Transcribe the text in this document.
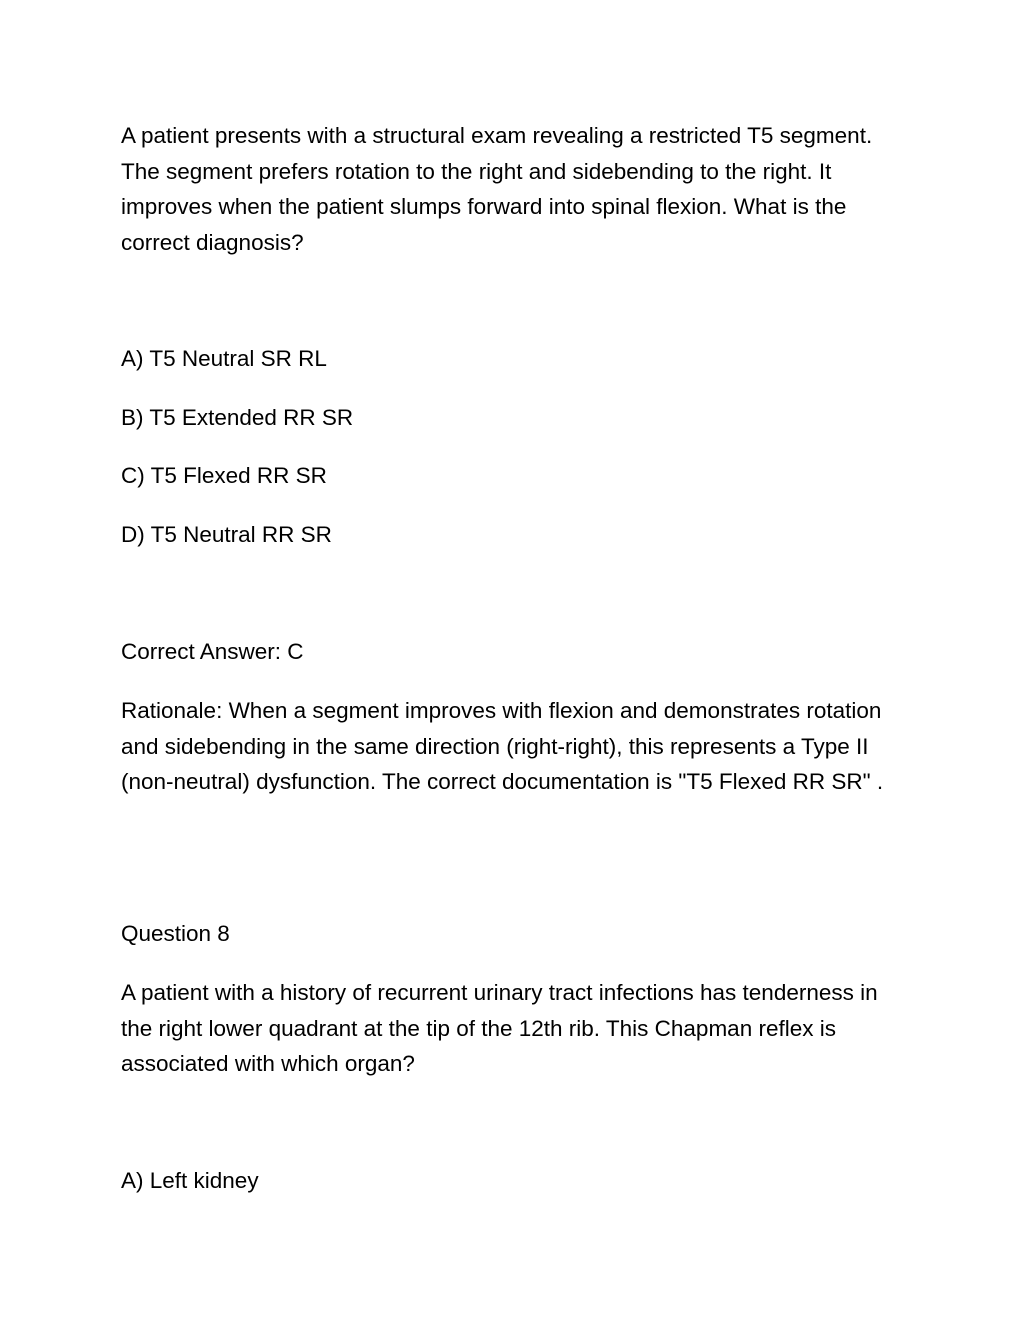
A patient presents with a structural exam revealing a restricted T5 segment. The segment prefers rotation to the right and sidebending to the right. It improves when the patient slumps forward into spinal flexion. What is the correct diagnosis?

A) T5 Neutral SR RL

B) T5 Extended RR SR

C) T5 Flexed RR SR

D) T5 Neutral RR SR

Correct Answer: C

Rationale: When a segment improves with flexion and demonstrates rotation and sidebending in the same direction (right-right), this represents a Type II (non-neutral) dysfunction. The correct documentation is "T5 Flexed RR SR" .

Question 8

A patient with a history of recurrent urinary tract infections has tenderness in the right lower quadrant at the tip of the 12th rib. This Chapman reflex is associated with which organ?

A) Left kidney
